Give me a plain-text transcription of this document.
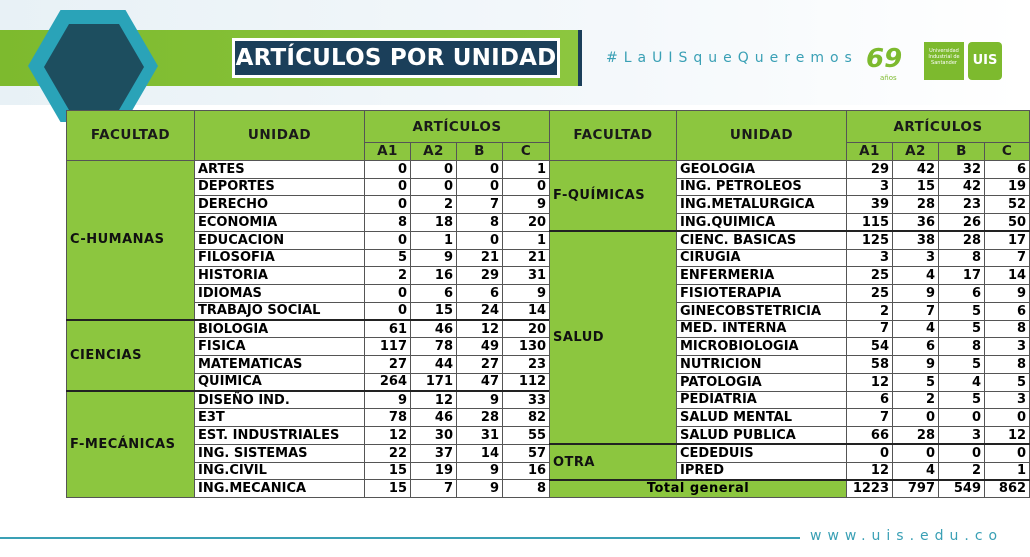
ARTÍCULOS POR UNIDAD	#LaUISqueQueremos 69
años
Universidad Industrial de Santander	UIS
FACULTAD	UNIDAD	ARTÍCULOS			
		A1	A2	B	C
C-HUMANAS	ARTES	0	0	0	1
	DEPORTES	0	0	0	0
	DERECHO	0	2	7	9
	ECONOMIA	8	18	8	20
	EDUCACION	0	1	0	1
	FILOSOFIA	5	9	21	21
	HISTORIA	2	16	29	31
	IDIOMAS	0	6	6	9
	TRABAJO SOCIAL	0	15	24	14
CIENCIAS	BIOLOGIA	61	46	12	20
	FISICA	117	78	49	130
	MATEMATICAS	27	44	27	23
	QUIMICA	264	171	47	112
F-MECÁNICAS	DISEÑO IND.	9	12	9	33
	E3T	78	46	28	82
	EST. INDUSTRIALES	12	30	31	55
	ING. SISTEMAS	22	37	14	57
	ING.CIVIL	15	19	9	16
	ING.MECANICA	15	7	9	8
FACULTAD	UNIDAD	ARTÍCULOS			
		A1	A2	B	C
F-QUÍMICAS	GEOLOGIA	29	42	32	6
	ING. PETROLEOS	3	15	42	19
	ING.METALURGICA	39	28	23	52
	ING.QUIMICA	115	36	26	50
SALUD	CIENC. BASICAS	125	38	28	17
	CIRUGIA	3	3	8	7
	ENFERMERIA	25	4	17	14
	FISIOTERAPIA	25	9	6	9
	GINECOBSTETRICIA	2	7	5	6
	MED. INTERNA	7	4	5	8
	MICROBIOLOGIA	54	6	8	3
	NUTRICION	58	9	5	8
	PATOLOGIA	12	5	4	5
	PEDIATRIA	6	2	5	3
	SALUD MENTAL	7	0	0	0
	SALUD PUBLICA	66	28	3	12
OTRA	CEDEDUIS	0	0	0	0
	IPRED	12	4	2	1
Total general		1223	797	549	862
www.uis.edu.co
